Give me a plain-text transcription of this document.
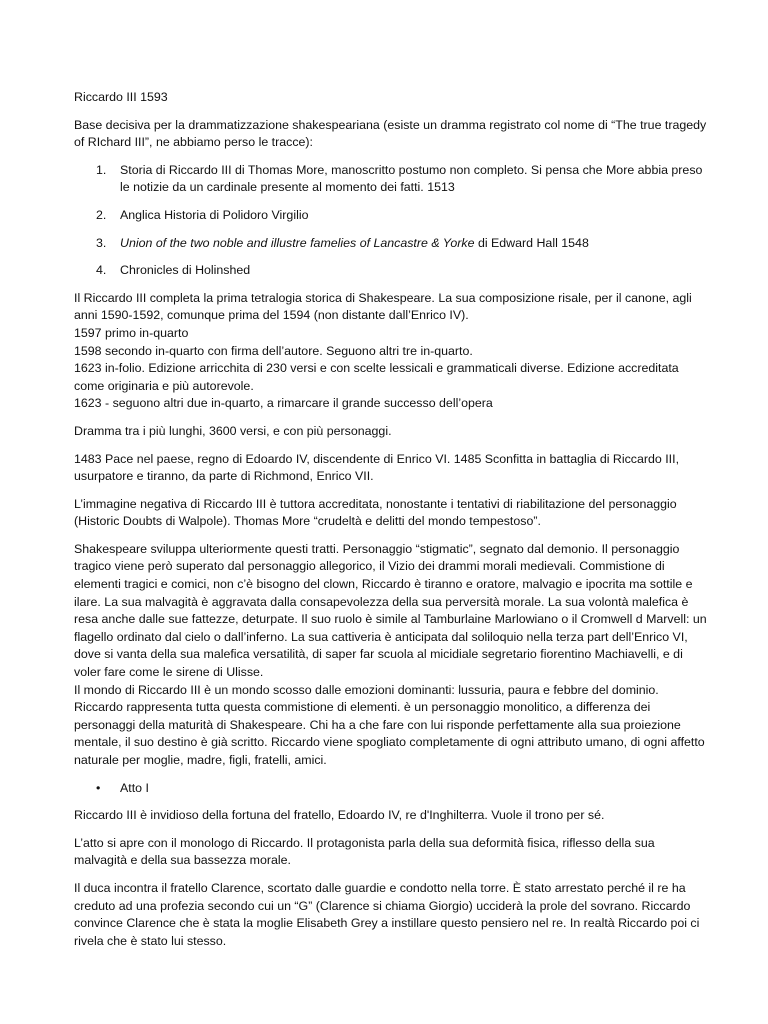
Riccardo III 1593

Base decisiva per la drammatizzazione shakespeariana (esiste un dramma registrato col nome di “The true tragedy of RIchard III”, ne abbiamo perso le tracce):

1. Storia di Riccardo III di Thomas More, manoscritto postumo non completo. Si pensa che More abbia preso le notizie da un cardinale presente al momento dei fatti. 1513
2. Anglica Historia di Polidoro Virgilio
3. Union of the two noble and illustre famelies of Lancastre & Yorke di Edward Hall 1548
4. Chronicles di Holinshed
Il Riccardo III completa la prima tetralogia storica di Shakespeare. La sua composizione risale, per il canone, agli anni 1590-1592, comunque prima del 1594 (non distante dall’Enrico IV).
1597 primo in-quarto
1598 secondo in-quarto con firma dell’autore. Seguono altri tre in-quarto.
1623 in-folio. Edizione arricchita di 230 versi e con scelte lessicali e grammaticali diverse. Edizione accreditata come originaria e più autorevole.
1623 - seguono altri due in-quarto, a rimarcare il grande successo dell’opera

Dramma tra i più lunghi, 3600 versi, e con più personaggi.

1483 Pace nel paese, regno di Edoardo IV, discendente di Enrico VI. 1485 Sconfitta in battaglia di Riccardo III, usurpatore e tiranno, da parte di Richmond, Enrico VII.

L’immagine negativa di Riccardo III è tuttora accreditata, nonostante i tentativi di riabilitazione del personaggio (Historic Doubts di Walpole). Thomas More “crudeltà e delitti del mondo tempestoso”.

Shakespeare sviluppa ulteriormente questi tratti. Personaggio “stigmatic”, segnato dal demonio. Il personaggio tragico viene però superato dal personaggio allegorico, il Vizio dei drammi morali medievali. Commistione di elementi tragici e comici, non c’è bisogno del clown, Riccardo è tiranno e oratore, malvagio e ipocrita ma sottile e ilare. La sua malvagità è aggravata dalla consapevolezza della sua perversità morale. La sua volontà malefica è resa anche dalle sue fattezze, deturpate. Il suo ruolo è simile al Tamburlaine Marlowiano o il Cromwell d Marvell: un flagello ordinato dal cielo o dall’inferno. La sua cattiveria è anticipata dal soliloquio nella terza part dell’Enrico VI, dove si vanta della sua malefica versatilità, di saper far scuola al micidiale segretario fiorentino Machiavelli, e di voler fare come le sirene di Ulisse.
Il mondo di Riccardo III è un mondo scosso dalle emozioni dominanti: lussuria, paura e febbre del dominio. Riccardo rappresenta tutta questa commistione di elementi. è un personaggio monolitico, a differenza dei personaggi della maturità di Shakespeare. Chi ha a che fare con lui risponde perfettamente alla sua proiezione mentale, il suo destino è già scritto. Riccardo viene spogliato completamente di ogni attributo umano, di ogni affetto naturale per moglie, madre, figli, fratelli, amici.
• Atto I

Riccardo III è invidioso della fortuna del fratello, Edoardo IV, re d'Inghilterra. Vuole il trono per sé.

L’atto si apre con il monologo di Riccardo. Il protagonista parla della sua deformità fisica, riflesso della sua malvagità e della sua bassezza morale.

Il duca incontra il fratello Clarence, scortato dalle guardie e condotto nella torre. È stato arrestato perché il re ha creduto ad una profezia secondo cui un “G” (Clarence si chiama Giorgio) ucciderà la prole del sovrano. Riccardo convince Clarence che è stata la moglie Elisabeth Grey a instillare questo pensiero nel re. In realtà Riccardo poi ci rivela che è stato lui stesso.
